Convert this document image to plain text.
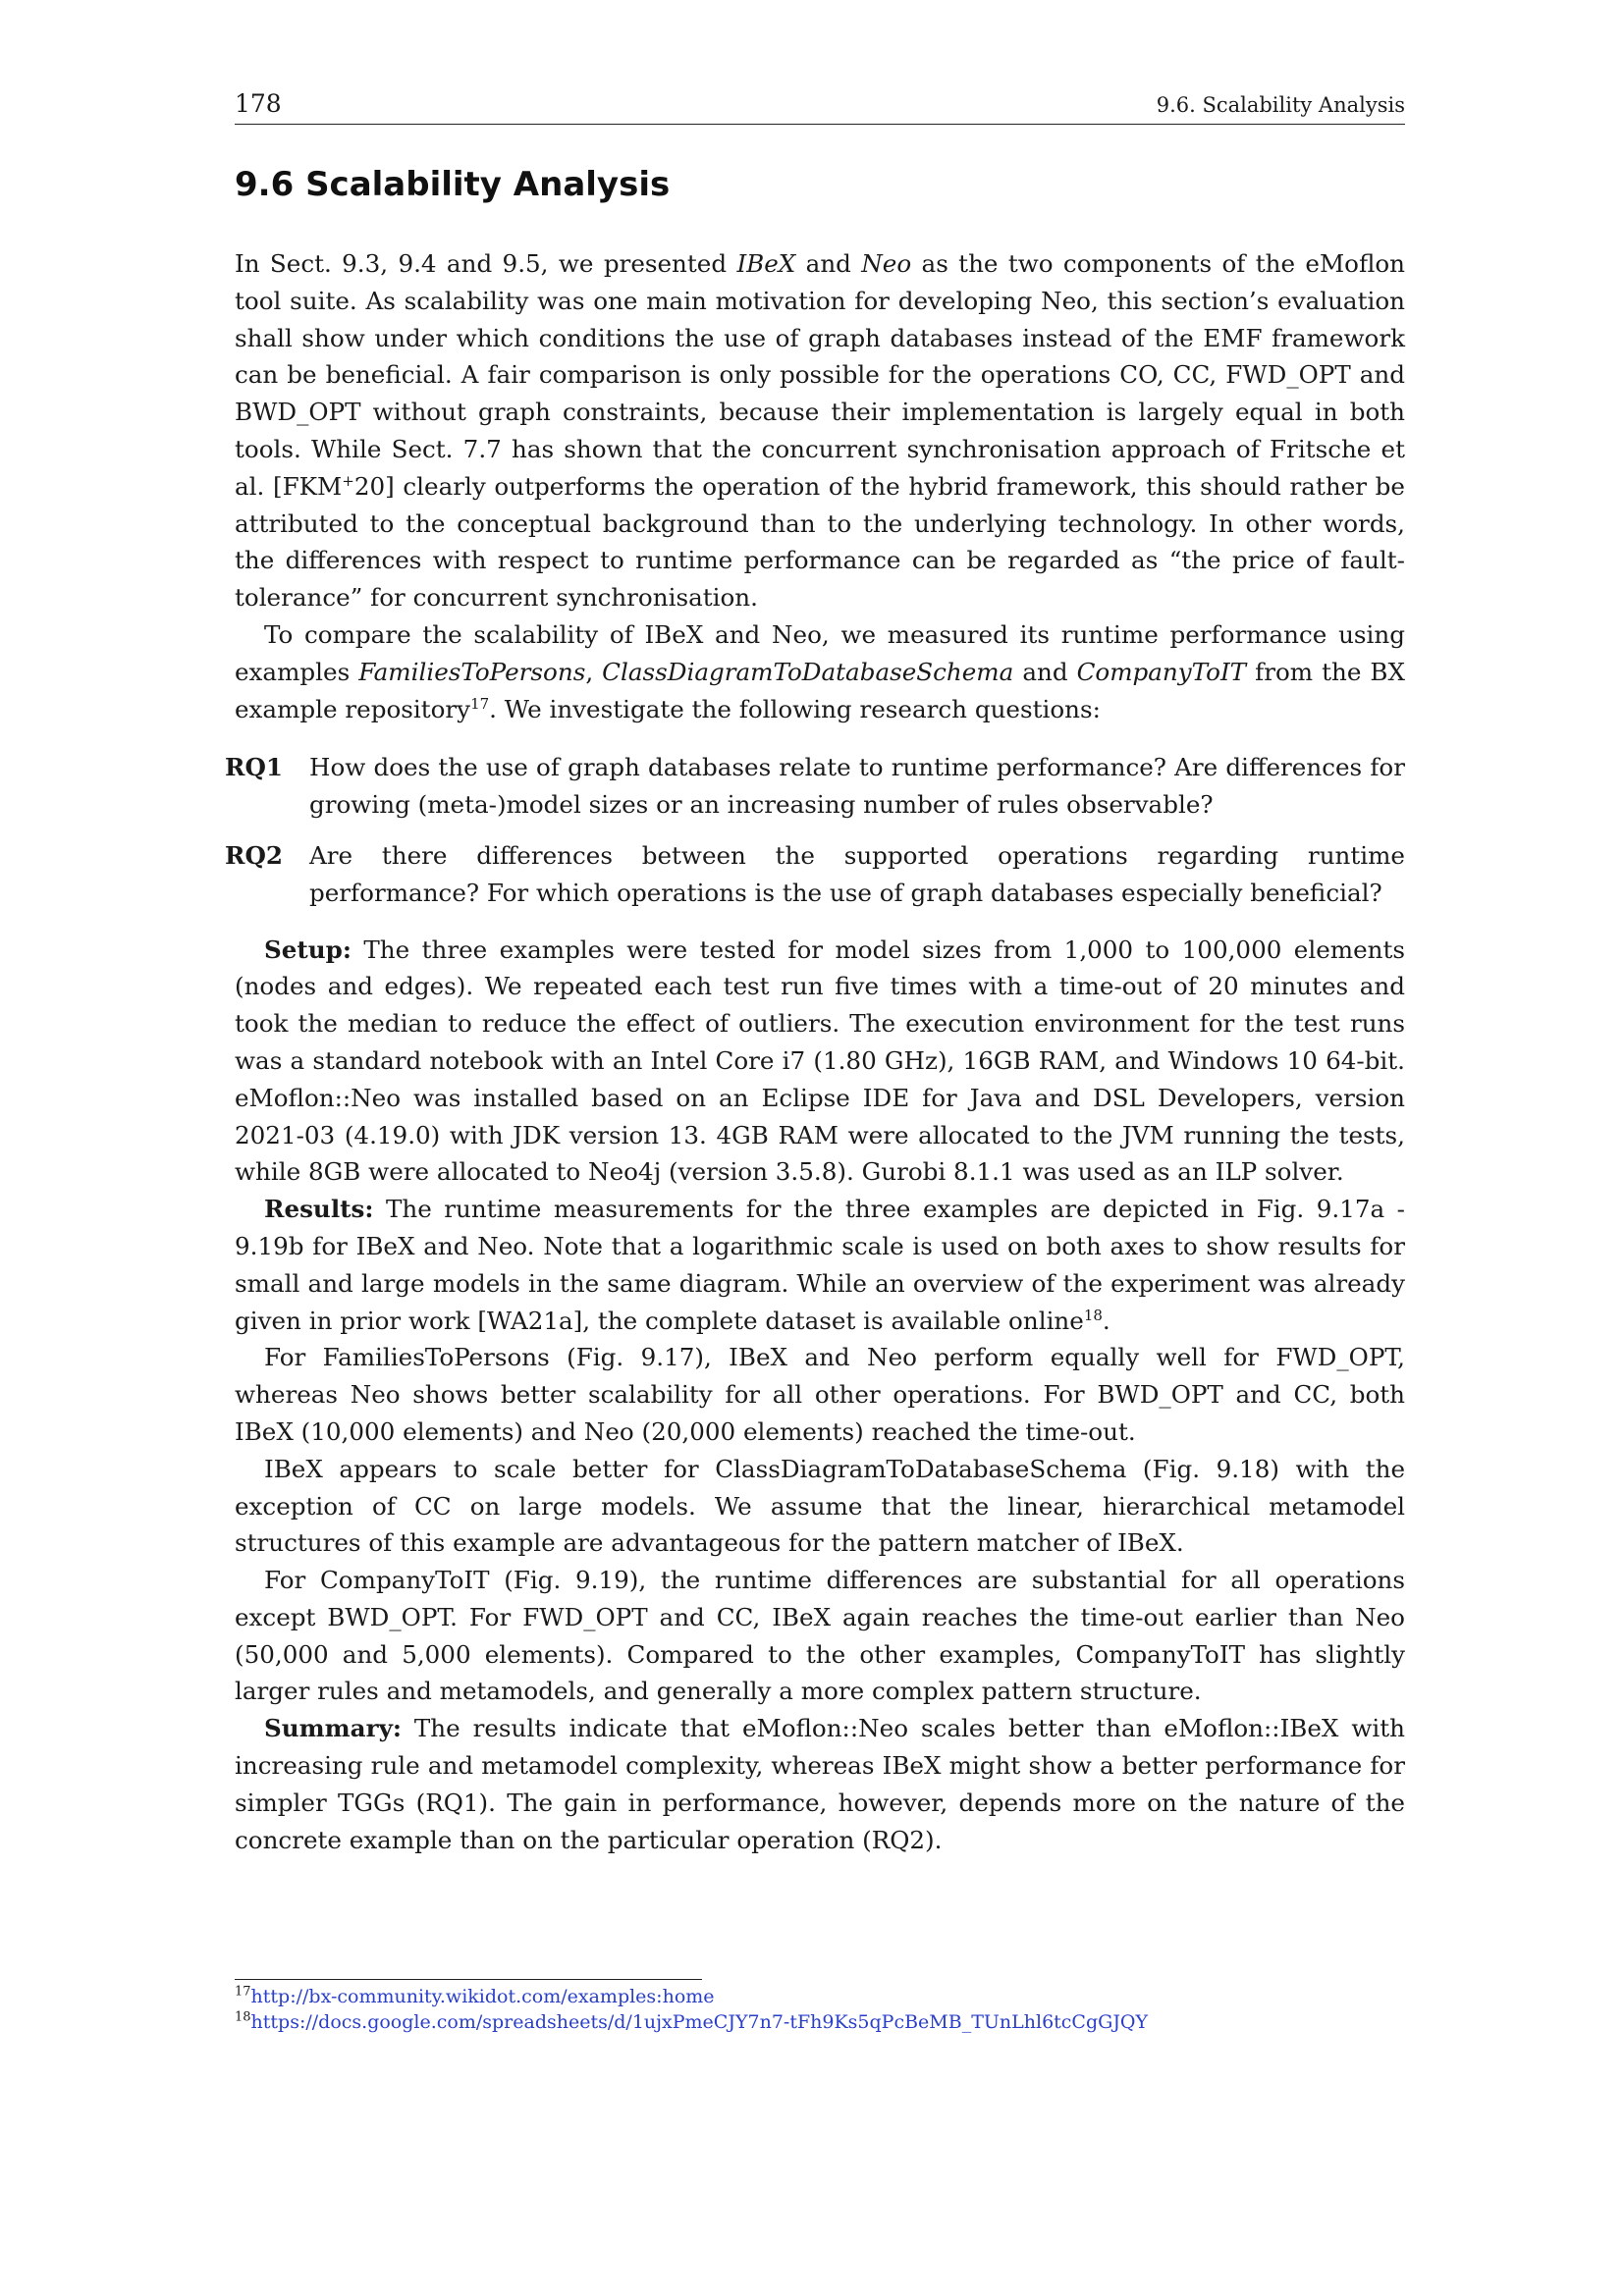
178	9.6. Scalability Analysis
9.6 Scalability Analysis

In Sect. 9.3, 9.4 and 9.5, we presented IBeX and Neo as the two components of the eMoflon tool suite. As scalability was one main motivation for developing Neo, this section’s evaluation shall show under which conditions the use of graph databases instead of the EMF framework can be beneficial. A fair comparison is only possible for the operations CO, CC, FWD_OPT and BWD_OPT without graph constraints, because their implementation is largely equal in both tools. While Sect. 7.7 has shown that the concurrent synchronisation approach of Fritsche et al. [FKM+20] clearly outperforms the operation of the hybrid framework, this should rather be attributed to the conceptual background than to the underlying technology. In other words, the differences with respect to runtime performance can be regarded as “the price of fault-tolerance” for concurrent synchronisation.

To compare the scalability of IBeX and Neo, we measured its runtime performance using examples FamiliesToPersons, ClassDiagramToDatabaseSchema and CompanyToIT from the BX example repository$^{17}$. We investigate the following research questions:

RQ1	How does the use of graph databases relate to runtime performance? Are differences for growing (meta-)model sizes or an increasing number of rules observable?
RQ2	Are there differences between the supported operations regarding runtime performance? For which operations is the use of graph databases especially beneficial?

Setup: The three examples were tested for model sizes from 1,000 to 100,000 elements (nodes and edges). We repeated each test run five times with a time-out of 20 minutes and took the median to reduce the effect of outliers. The execution environment for the test runs was a standard notebook with an Intel Core i7 (1.80 GHz), 16GB RAM, and Windows 10 64-bit. eMoflon::Neo was installed based on an Eclipse IDE for Java and DSL Developers, version 2021-03 (4.19.0) with JDK version 13. 4GB RAM were allocated to the JVM running the tests, while 8GB were allocated to Neo4j (version 3.5.8). Gurobi 8.1.1 was used as an ILP solver.

Results: The runtime measurements for the three examples are depicted in Fig. 9.17a - 9.19b for IBeX and Neo. Note that a logarithmic scale is used on both axes to show results for small and large models in the same diagram. While an overview of the experiment was already given in prior work [WA21a], the complete dataset is available online$^{18}$.

For FamiliesToPersons (Fig. 9.17), IBeX and Neo perform equally well for FWD_OPT, whereas Neo shows better scalability for all other operations. For BWD_OPT and CC, both IBeX (10,000 elements) and Neo (20,000 elements) reached the time-out.

IBeX appears to scale better for ClassDiagramToDatabaseSchema (Fig. 9.18) with the exception of CC on large models. We assume that the linear, hierarchical metamodel structures of this example are advantageous for the pattern matcher of IBeX.

For CompanyToIT (Fig. 9.19), the runtime differences are substantial for all operations except BWD_OPT. For FWD_OPT and CC, IBeX again reaches the time-out earlier than Neo (50,000 and 5,000 elements). Compared to the other examples, CompanyToIT has slightly larger rules and metamodels, and generally a more complex pattern structure.

Summary: The results indicate that eMoflon::Neo scales better than eMoflon::IBeX with increasing rule and metamodel complexity, whereas IBeX might show a better performance for simpler TGGs (RQ1). The gain in performance, however, depends more on the nature of the concrete example than on the particular operation (RQ2).

$^{17}$http://bx-community.wikidot.com/examples:home
$^{18}$https://docs.google.com/spreadsheets/d/1ujxPmeCJY7n7-tFh9Ks5qPcBeMB_TUnLhl6tcCgGJQY
